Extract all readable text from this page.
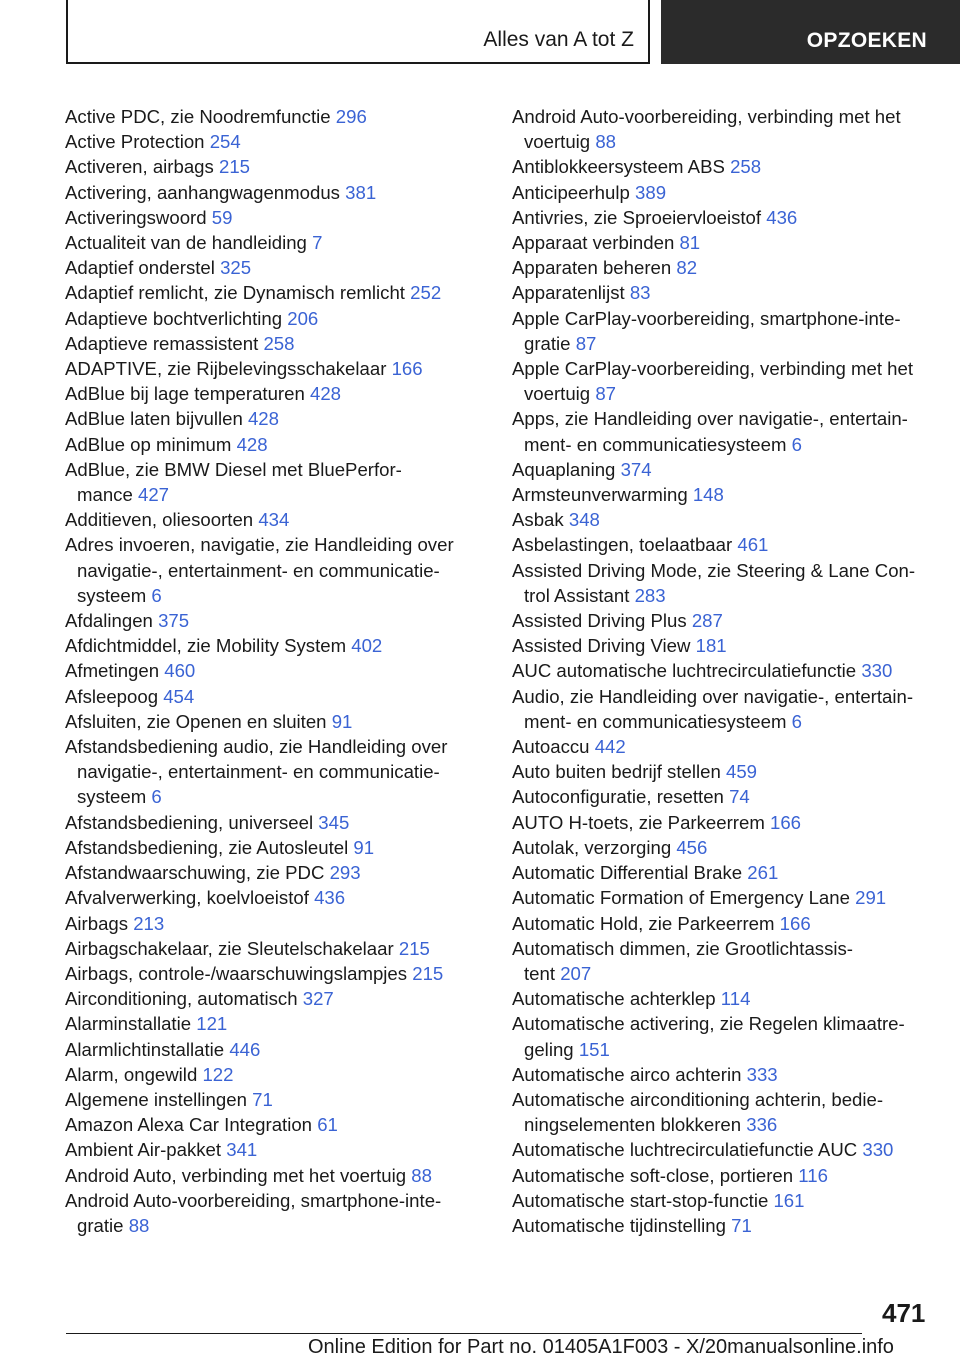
Alles van A tot Z	OPZOEKEN
Active PDC, zie Noodremfunctie 296
Active Protection 254
Activeren, airbags 215
Activering, aanhangwagenmodus 381
Activeringswoord 59
Actualiteit van de handleiding 7
Adaptief onderstel 325
Adaptief remlicht, zie Dynamisch remlicht 252
Adaptieve bochtverlichting 206
Adaptieve remassistent 258
ADAPTIVE, zie Rijbelevingsschakelaar 166
AdBlue bij lage temperaturen 428
AdBlue laten bijvullen 428
AdBlue op minimum 428
AdBlue, zie BMW Diesel met BluePerfor-
mance 427
Additieven, oliesoorten 434
Adres invoeren, navigatie, zie Handleiding over
navigatie-, entertainment- en communicatie-
systeem 6
Afdalingen 375
Afdichtmiddel, zie Mobility System 402
Afmetingen 460
Afsleepoog 454
Afsluiten, zie Openen en sluiten 91
Afstandsbediening audio, zie Handleiding over
navigatie-, entertainment- en communicatie-
systeem 6
Afstandsbediening, universeel 345
Afstandsbediening, zie Autosleutel 91
Afstandwaarschuwing, zie PDC 293
Afvalverwerking, koelvloeistof 436
Airbags 213
Airbagschakelaar, zie Sleutelschakelaar 215
Airbags, controle-/waarschuwingslampjes 215
Airconditioning, automatisch 327
Alarminstallatie 121
Alarmlichtinstallatie 446
Alarm, ongewild 122
Algemene instellingen 71
Amazon Alexa Car Integration 61
Ambient Air-pakket 341
Android Auto, verbinding met het voertuig 88
Android Auto-voorbereiding, smartphone-inte-
gratie 88
Android Auto-voorbereiding, verbinding met het
voertuig 88
Antiblokkeersysteem ABS 258
Anticipeerhulp 389
Antivries, zie Sproeiervloeistof 436
Apparaat verbinden 81
Apparaten beheren 82
Apparatenlijst 83
Apple CarPlay-voorbereiding, smartphone-inte-
gratie 87
Apple CarPlay-voorbereiding, verbinding met het
voertuig 87
Apps, zie Handleiding over navigatie-, entertain-
ment- en communicatiesysteem 6
Aquaplaning 374
Armsteunverwarming 148
Asbak 348
Asbelastingen, toelaatbaar 461
Assisted Driving Mode, zie Steering & Lane Con-
trol Assistant 283
Assisted Driving Plus 287
Assisted Driving View 181
AUC automatische luchtrecirculatiefunctie 330
Audio, zie Handleiding over navigatie-, entertain-
ment- en communicatiesysteem 6
Autoaccu 442
Auto buiten bedrijf stellen 459
Autoconfiguratie, resetten 74
AUTO H-toets, zie Parkeerrem 166
Autolak, verzorging 456
Automatic Differential Brake 261
Automatic Formation of Emergency Lane 291
Automatic Hold, zie Parkeerrem 166
Automatisch dimmen, zie Grootlichtassis-
tent 207
Automatische achterklep 114
Automatische activering, zie Regelen klimaatre-
geling 151
Automatische airco achterin 333
Automatische airconditioning achterin, bedie-
ningselementen blokkeren 336
Automatische luchtrecirculatiefunctie AUC 330
Automatische soft-close, portieren 116
Automatische start-stop-functie 161
Automatische tijdinstelling 71
471
Online Edition for Part no. 01405A1F003 - X/20manualsonline.info
